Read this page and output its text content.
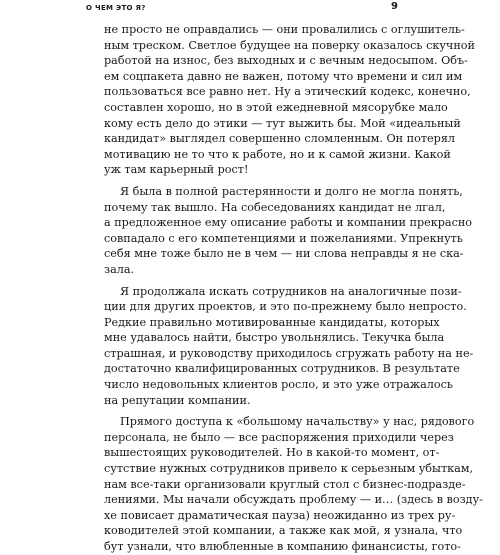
О ЧЕМ ЭТО Я?	9
не просто не оправдались — они провалились с оглушитель-
ным треском. Светлое будущее на поверку оказалось скучной
работой на износ, без выходных и с вечным недосыпом. Объ-
ем соцпакета давно не важен, потому что времени и сил им
пользоваться все равно нет. Ну а этический кодекс, конечно,
составлен хорошо, но в этой ежедневной мясорубке мало
кому есть дело до этики — тут выжить бы. Мой «идеальный
кандидат» выглядел совершенно сломленным. Он потерял
мотивацию не то что к работе, но и к самой жизни. Какой
уж там карьерный рост!
Я была в полной растерянности и долго не могла понять,
почему так вышло. На собеседованиях кандидат не лгал,
а предложенное ему описание работы и компании прекрасно
совпадало с его компетенциями и пожеланиями. Упрекнуть
себя мне тоже было не в чем — ни слова неправды я не ска-
зала.
Я продолжала искать сотрудников на аналогичные пози-
ции для других проектов, и это по-прежнему было непросто.
Редкие правильно мотивированные кандидаты, которых
мне удавалось найти, быстро увольнялись. Текучка была
страшная, и руководству приходилось сгружать работу на не-
достаточно квалифицированных сотрудников. В результате
число недовольных клиентов росло, и это уже отражалось
на репутации компании.
Прямого доступа к «большому начальству» у нас, рядового
персонала, не было — все распоряжения приходили через
вышестоящих руководителей. Но в какой-то момент, от-
сутствие нужных сотрудников привело к серьезным убыткам,
нам все-таки организовали круглый стол с бизнес-подразде-
лениями. Мы начали обсуждать проблему — и… (здесь в возду-
хе повисает драматическая пауза) неожиданно из трех ру-
ководителей этой компании, а также как мой, я узнала, что
бут узнали, что влюбленные в компанию финансисты, гото-
